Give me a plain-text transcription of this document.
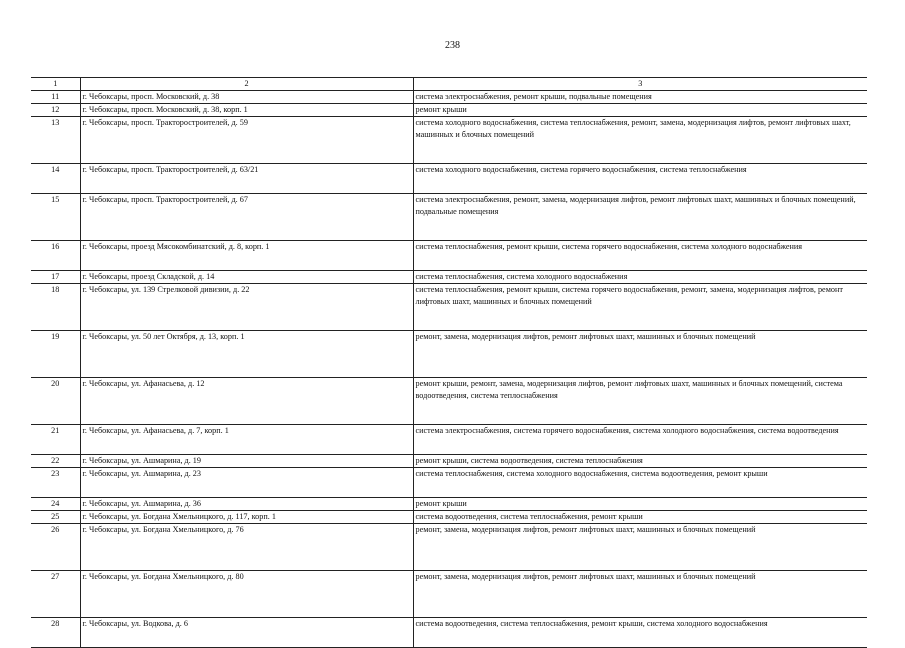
238
1	2	3
11	г. Чебоксары, просп. Московский, д. 38	система электроснабжения, ремонт крыши, подвальные помещения
12	г. Чебоксары, просп. Московский, д. 38, корп. 1	ремонт крыши
13	г. Чебоксары, просп. Тракторостроителей, д. 59	система холодного водоснабжения, система теплоснабжения, ремонт, замена, модернизация лифтов, ремонт лифтовых шахт, машинных и блочных помещений
14	г. Чебоксары, просп. Тракторостроителей, д. 63/21	система холодного водоснабжения, система горячего водоснабжения, система теплоснабжения
15	г. Чебоксары, просп. Тракторостроителей, д. 67	система электроснабжения, ремонт, замена, модернизация лифтов, ремонт лифтовых шахт, машинных и блочных помещений, подвальные помещения
16	г. Чебоксары, проезд Мясокомбинатский, д. 8, корп. 1	система теплоснабжения, ремонт крыши, система горячего водоснабжения, система холодного водоснабжения
17	г. Чебоксары, проезд Складской, д. 14	система теплоснабжения, система холодного водоснабжения
18	г. Чебоксары, ул. 139 Стрелковой дивизии, д. 22	система теплоснабжения, ремонт крыши, система горячего водоснабжения, ремонт, замена, модернизация лифтов, ремонт лифтовых шахт, машинных и блочных помещений
19	г. Чебоксары, ул. 50 лет Октября, д. 13, корп. 1	ремонт, замена, модернизация лифтов, ремонт лифтовых шахт, машинных и блочных помещений
20	г. Чебоксары, ул. Афанасьева, д. 12	ремонт крыши, ремонт, замена, модернизация лифтов, ремонт лифтовых шахт, машинных и блочных помещений, система водоотведения, система теплоснабжения
21	г. Чебоксары, ул. Афанасьева, д. 7, корп. 1	система электроснабжения, система горячего водоснабжения, система холодного водоснабжения, система водоотведения
22	г. Чебоксары, ул. Ашмарина, д. 19	ремонт крыши, система водоотведения, система теплоснабжения
23	г. Чебоксары, ул. Ашмарина, д. 23	система теплоснабжения, система холодного водоснабжения, система водоотведения, ремонт крыши
24	г. Чебоксары, ул. Ашмарина, д. 36	ремонт крыши
25	г. Чебоксары, ул. Богдана Хмельницкого, д. 117, корп. 1	система водоотведения, система теплоснабжения, ремонт крыши
26	г. Чебоксары, ул. Богдана Хмельницкого, д. 76	ремонт, замена, модернизация лифтов, ремонт лифтовых шахт, машинных и блочных помещений
27	г. Чебоксары, ул. Богдана Хмельницкого, д. 80	ремонт, замена, модернизация лифтов, ремонт лифтовых шахт, машинных и блочных помещений
28	г. Чебоксары, ул. Водкова, д. 6	система водоотведения, система теплоснабжения, ремонт крыши, система холодного водоснабжения
